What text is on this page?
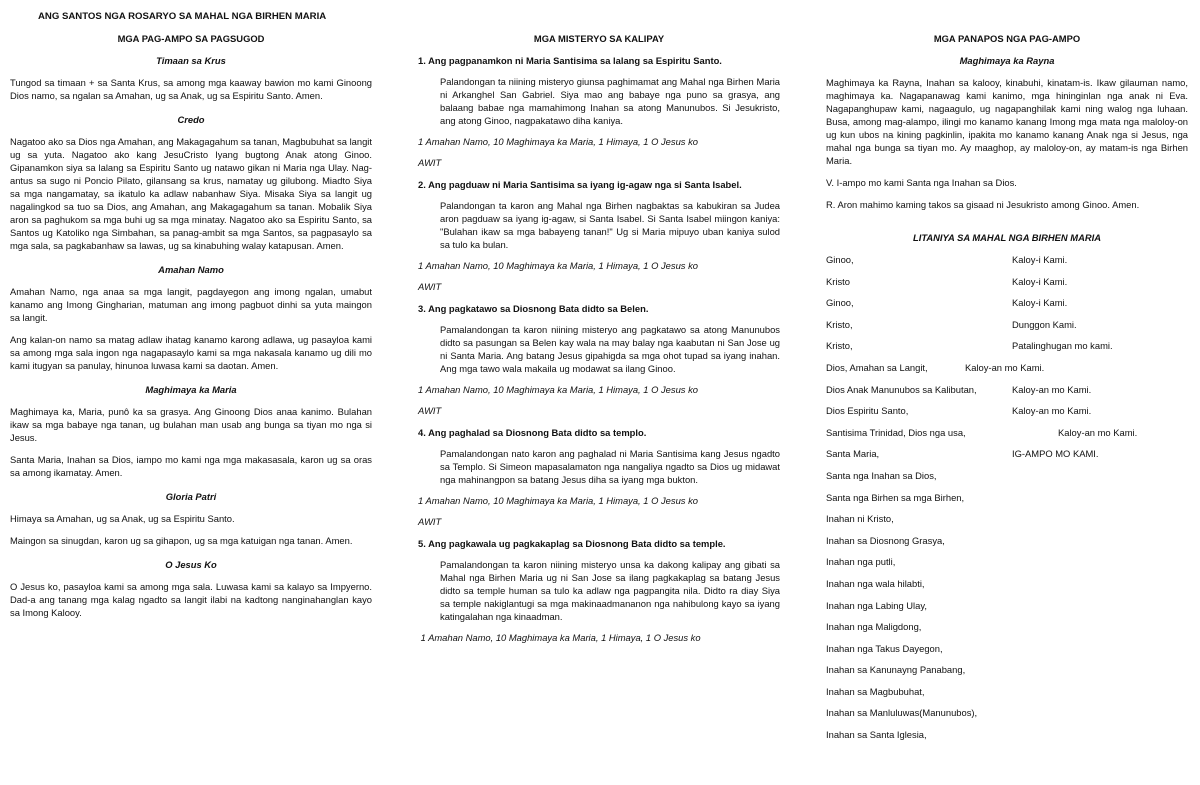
ANG SANTOS NGA ROSARYO SA MAHAL NGA BIRHEN MARIA
MGA PAG-AMPO SA PAGSUGOD
Timaan sa Krus

Tungod sa timaan + sa Santa Krus, sa among mga kaaway bawion mo kami Ginoong Dios namo, sa ngalan sa Amahan, ug sa Anak, ug sa Espiritu Santo. Amen.

Credo

Nagatoo ako sa Dios nga Amahan, ang Makagagahum sa tanan, Magbubuhat sa langit ug sa yuta. Nagatoo ako kang JesuCristo Iyang bugtong Anak atong Ginoo. Gipanamkon siya sa lalang sa Espiritu Santo ug natawo gikan ni Maria nga Ulay. Nag-antus sa sugo ni Poncio Pilato, gilansang sa krus, namatay ug gilubong. Miadto Siya sa mga nangamatay, sa ikatulo ka adlaw nabanhaw Siya. Misaka Siya sa langit ug nagalingkod sa tuo sa Dios, ang Amahan, ang Makagagahum sa tanan. Mobalik Siya aron sa paghukom sa mga buhi ug sa mga minatay. Nagatoo ako sa Espiritu Santo, sa Santos ug Katoliko nga Simbahan, sa panag-ambit sa mga Santos, sa pagpasaylo sa mga sala, sa pagkabanhaw sa lawas, ug sa kinabuhing walay katapusan. Amen.

Amahan Namo

Amahan Namo, nga anaa sa mga langit, pagdayegon ang imong ngalan, umabut kanamo ang Imong Gingharian, matuman ang imong pagbuot dinhi sa yuta maingon sa langit.

Ang kalan-on namo sa matag adlaw ihatag kanamo karong adlawa, ug pasayloa kami sa among mga sala ingon nga nagapasaylo kami sa mga nakasala kanamo ug dili mo kami itugyan sa panulay, hinunoa luwasa kami sa daotan. Amen.

Maghimaya ka Maria

Maghimaya ka, Maria, punô ka sa grasya. Ang Ginoong Dios anaa kanimo. Bulahan ikaw sa mga babaye nga tanan, ug bulahan man usab ang bunga sa tiyan mo nga si Jesus.

Santa Maria, Inahan sa Dios, iampo mo kami nga mga makasasala, karon ug sa oras sa among ikamatay. Amen.

Gloria Patri

Himaya sa Amahan, ug sa Anak, ug sa Espiritu Santo.

Maingon sa sinugdan, karon ug sa gihapon, ug sa mga katuigan nga tanan. Amen.

O Jesus Ko

O Jesus ko, pasayloa kami sa among mga sala. Luwasa kami sa kalayo sa Impyerno. Dad-a ang tanang mga kalag ngadto sa langit ilabi na kadtong nanginahanglan kayo sa Imong Kalooy.

MGA MISTERYO SA KALIPAY
1. Ang pagpanamkon ni Maria Santisima sa lalang sa Espiritu Santo.
Palandongan ta niining misteryo giunsa paghimamat ang Mahal nga Birhen Maria ni Arkanghel San Gabriel. Siya mao ang babaye nga puno sa grasya, ang balaang babae nga mamahimong Inahan sa atong Manunubos. Si Jesukristo, ang atong Ginoo, nagpakatawo diha kaniya.
1 Amahan Namo, 10 Maghimaya ka Maria, 1 Himaya, 1 O Jesus ko
AWIT
2. Ang pagduaw ni Maria Santisima sa iyang ig-agaw nga si Santa Isabel.
Palandongan ta karon ang Mahal nga Birhen nagbaktas sa kabukiran sa Judea aron pagduaw sa iyang ig-agaw, si Santa Isabel. Si Santa Isabel miingon kaniya: "Bulahan ikaw sa mga babayeng tanan!" Ug si Maria mipuyo uban kaniya sulod sa tulo ka bulan.
1 Amahan Namo, 10 Maghimaya ka Maria, 1 Himaya, 1 O Jesus ko
AWIT
3. Ang pagkatawo sa Diosnong Bata didto sa Belen.
Pamalandongan ta karon niining misteryo ang pagkatawo sa atong Manunubos didto sa pasungan sa Belen kay wala na may balay nga kaabutan ni San Jose ug ni Santa Maria. Ang batang Jesus gipahigda sa mga ohot tupad sa iyang inahan. Ang mga tawo wala makaila ug modawat sa ilang Ginoo.
1 Amahan Namo, 10 Maghimaya ka Maria, 1 Himaya, 1 O Jesus ko
AWIT
4. Ang paghalad sa Diosnong Bata didto sa templo.
Pamalandongan nato karon ang paghalad ni Maria Santisima kang Jesus ngadto sa Templo. Si Simeon mapasalamaton nga nangaliya ngadto sa Dios ug midawat nga mahinangpon sa batang Jesus diha sa iyang mga bukton.
1 Amahan Namo, 10 Maghimaya ka Maria, 1 Himaya, 1 O Jesus ko
AWIT
5. Ang pagkawala ug pagkakaplag sa Diosnong Bata didto sa temple.
Pamalandongan ta karon niining misteryo unsa ka dakong kalipay ang gibati sa Mahal nga Birhen Maria ug ni San Jose sa ilang pagkakaplag sa batang Jesus didto sa temple human sa tulo ka adlaw nga pagpangita nila. Didto ra diay Siya sa temple nakiglantugi sa mga makinaadmananon nga nahibulong kayo sa iyang katingalahan nga kinaadman.
1 Amahan Namo, 10 Maghimaya ka Maria, 1 Himaya, 1 O Jesus ko
MGA PANAPOS NGA PAG-AMPO
Maghimaya ka Rayna

Maghimaya ka Rayna, Inahan sa kalooy, kinabuhi, kinatam-is. Ikaw gilauman namo, maghimaya ka. Nagapanawag kami kanimo, mga hininginlan nga anak ni Eva. Nagapanghupaw kami, nagaagulo, ug nagapanghilak kami ning walog nga luhaan. Busa, among mag-alampo, ilingi mo kanamo kanang Imong mga mata nga maloloy-on ug kun ubos na kining pagkinlin, ipakita mo kanamo kanang Anak nga si Jesus, nga mahal nga bunga sa tiyan mo. Ay maaghop, ay maloloy-on, ay matam-is nga Birhen Maria.

V. I-ampo mo kami Santa nga Inahan sa Dios.

R. Aron mahimo kaming takos sa gisaad ni Jesukristo among Ginoo. Amen.

LITANIYA SA MAHAL NGA BIRHEN MARIA
Ginoo,	Kaloy-i Kami.
Kristo	Kaloy-i Kami.
Ginoo,	Kaloy-i Kami.
Kristo,	Dunggon Kami.
Kristo,	Patalinghugan mo kami.
Dios, Amahan sa Langit,	Kaloy-an mo Kami.
Dios Anak Manunubos sa Kalibutan,	Kaloy-an mo Kami.
Dios Espiritu Santo,	Kaloy-an mo Kami.
Santisima Trinidad, Dios nga usa,	Kaloy-an mo Kami.
Santa Maria,	IG-AMPO MO KAMI.
Santa nga Inahan sa Dios,
Santa nga Birhen sa mga Birhen,
Inahan ni Kristo,
Inahan sa Diosnong Grasya,
Inahan nga putli,
Inahan nga wala hilabti,
Inahan nga Labing Ulay,
Inahan nga Maligdong,
Inahan nga Takus Dayegon,
Inahan sa Kanunayng Panabang,
Inahan sa Magbubuhat,
Inahan sa Manluluwas(Manunubos),
Inahan sa Santa Iglesia,
